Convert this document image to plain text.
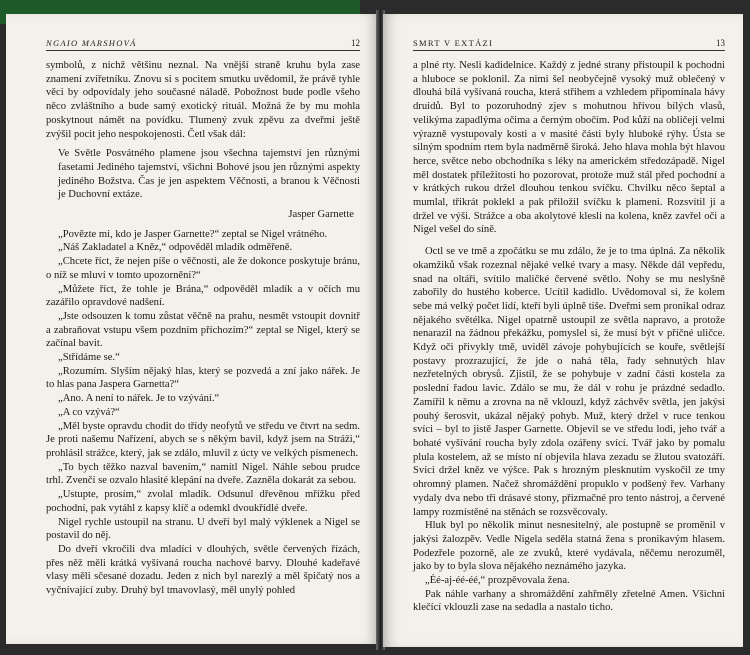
NGAIO MARSHOVÁ	12

symbolů, z nichž většinu neznal. Na vnější straně kruhu byla zase znamení zvířetníku. Znovu si s pocitem smutku uvědomil, že právě tyhle věci by odpovídaly jeho současné náladě. Pobožnost bude podle všeho něco zvláštního a bude samý exotický rituál. Možná že by mu mohla poskytnout námět na povídku. Tlumený zvuk zpěvu za dveřmi ještě zvýšil pocit jeho nespokojenosti. Četl však dál:

Ve Světle Posvátného plamene jsou všechna tajemství jen různými fasetami Jediného tajemství, všichni Bohové jsou jen různými aspekty jediného Božstva. Čas je jen aspektem Věčnosti, a branou k Věčnosti je Duchovní extáze.

Jasper Garnette

„Povězte mi, kdo je Jasper Garnette?“ zeptal se Nigel vrátného.

„Náš Zakladatel a Kněz,“ odpověděl mladík odměřeně.

„Chcete říct, že nejen píše o věčnosti, ale že dokonce poskytuje bránu, o níž se mluví v tomto upozornění?“

„Můžete říct, že tohle je Brána,“ odpověděl mladík a v očích mu zazářilo opravdové nadšení.

„Jste odsouzen k tomu zůstat věčně na prahu, nesmět vstoupit dovnitř a zabraňovat vstupu všem pozdním příchozím?“ zeptal se Nigel, který se začínal bavit.

„Střídáme se.“

„Rozumím. Slyším nějaký hlas, který se pozvedá a zní jako nářek. Je to hlas pana Jaspera Garnetta?“

„Ano. A není to nářek. Je to vzývání.“

„A co vzývá?“

„Měl byste opravdu chodit do třídy neofytů ve středu ve čtvrt na sedm. Je proti našemu Nařízení, abych se s někým bavil, když jsem na Stráži,“ prohlásil strážce, který, jak se zdálo, mluvil z úcty ve velkých písmenech.

„To bych těžko nazval bavením,“ namítl Nigel. Náhle sebou prudce trhl. Zvenčí se ozvalo hlasité klepání na dveře. Zazněla dokarát za sebou.

„Ustupte, prosím,“ zvolal mladík. Odsunul dřevěnou mřížku před pochodní, pak vytáhl z kapsy klíč a odemkl dvoukřídlé dveře.

Nigel rychle ustoupil na stranu. U dveří byl malý výklenek a Nigel se postavil do něj.

Do dveří vkročili dva mladíci v dlouhých, světle červených řízách, přes něž měli krátká vyšívaná roucha nachové barvy. Dlouhé kadeřavé vlasy měli sčesané dozadu. Jeden z nich byl narezlý a měl špičatý nos a vyčnívající zuby. Druhý byl tmavovlasý, měl unylý pohled

SMRT V EXTÁZI	13

a plné rty. Nesli kadidelnice. Každý z jedné strany přistoupil k pochodni a hluboce se poklonil. Za nimi šel neobyčejně vysoký muž oblečený v dlouhá bílá vyšívaná roucha, která střihem a vzhledem připomínala hávy druidů. Byl to pozoruhodný zjev s mohutnou hřívou bílých vlasů, velikýma zapadlýma očima a černým obočím. Pod kůží na obličeji velmi výrazně vystupovaly kosti a v masité části byly hluboké rýhy. Ústa se silným spodním rtem byla nadměrně široká. Jeho hlava mohla být hlavou herce, světce nebo obchodníka s léky na americkém středozápadě. Nigel měl dostatek příležitosti ho pozorovat, protože muž stál před pochodní a v krátkých rukou držel dlouhou tenkou svíčku. Chvilku něco šeptal a mumlal, třikrát poklekl a pak přiložil svíčku k plameni. Rozsvítil ji a držel ve výši. Strážce a oba akolytové klesli na kolena, kněz zavřel oči a Nigel vešel do síně.

Octl se ve tmě a zpočátku se mu zdálo, že je to tma úplná. Za několik okamžiků však rozeznal nějaké velké tvary a masy. Někde dál vepředu, snad na oltáři, svítilo maličké červené světlo. Nohy se mu neslyšně zabořily do hustého koberce. Ucítil kadidlo. Uvědomoval si, že kolem sebe má velký počet lidí, kteří byli úplně tiše. Dveřmi sem pronikal odraz nějakého světélka. Nigel opatrně ustoupil ze světla napravo, a protože nenarazil na žádnou překážku, pomyslel si, že musí být v příčné uličce. Když oči přivykly tmě, uviděl závoje pohybujících se kouře, světlejší postavy prozrazující, že jde o nahá těla, řady sehnutých hlav nezřetelných obrysů. Zjistil, že se pohybuje v zadní části kostela za poslední řadou lavic. Zdálo se mu, že dál v rohu je prázdné sedadlo. Zamířil k němu a zrovna na ně vklouzl, když záchvěv světla, jen jakýsi pouhý šerosvit, ukázal nějaký pohyb. Muž, který držel v ruce tenkou svíci – byl to jistě Jasper Garnette. Objevil se ve středu lodi, jeho tvář a bohaté vyšívání roucha byly zdola ozářeny svící. Tvář jako by pomalu plula kostelem, až se místo ní objevila hlava zezadu se žlutou svatozáří. Svíci držel kněz ve výšce. Pak s hrozným plesknutím vyskočil ze tmy ohromný plamen. Načež shromáždění propuklo v podšený řev. Varhany vydaly dva nebo tři drásavé stony, přizmačné pro tento nástroj, a červené lampy rozmístěné na stěnách se rozsvěcovaly.

Hluk byl po několik minut nesnesitelný, ale postupně se proměnil v jakýsi žalozpěv. Vedle Nigela seděla statná žena s pronikavým hlasem. Podezřele pozorně, ale ze zvuků, které vydávala, něčemu nerozuměl, jako by to byla slova nějakého neznámého jazyka.

„Éé-aj-éé-éé,“ prozpěvovala žena.

Pak náhle varhany a shromáždění zahřměly zřetelné Amen. Všichni klečící vklouzli zase na sedadla a nastalo ticho.
